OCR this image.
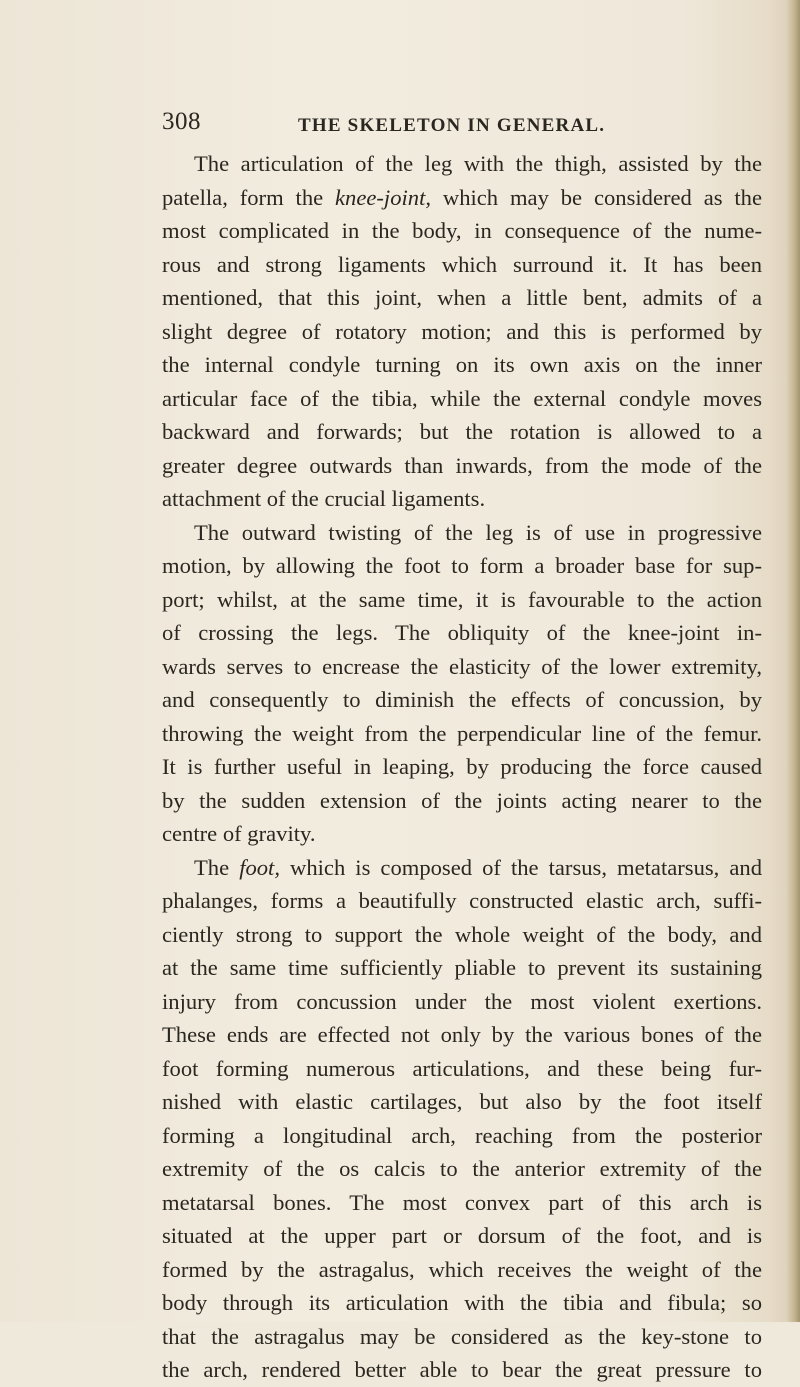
308	THE SKELETON IN GENERAL.
The articulation of the leg with the thigh, assisted by the
patella, form the knee-joint, which may be considered as the
most complicated in the body, in consequence of the nume-
rous and strong ligaments which surround it. It has been
mentioned, that this joint, when a little bent, admits of a
slight degree of rotatory motion; and this is performed by
the internal condyle turning on its own axis on the inner
articular face of the tibia, while the external condyle moves
backward and forwards; but the rotation is allowed to a
greater degree outwards than inwards, from the mode of the
attachment of the crucial ligaments.
The outward twisting of the leg is of use in progressive
motion, by allowing the foot to form a broader base for sup-
port; whilst, at the same time, it is favourable to the action
of crossing the legs. The obliquity of the knee-joint in-
wards serves to encrease the elasticity of the lower extremity,
and consequently to diminish the effects of concussion, by
throwing the weight from the perpendicular line of the femur.
It is further useful in leaping, by producing the force caused
by the sudden extension of the joints acting nearer to the
centre of gravity.
The foot, which is composed of the tarsus, metatarsus, and
phalanges, forms a beautifully constructed elastic arch, suffi-
ciently strong to support the whole weight of the body, and
at the same time sufficiently pliable to prevent its sustaining
injury from concussion under the most violent exertions.
These ends are effected not only by the various bones of the
foot forming numerous articulations, and these being fur-
nished with elastic cartilages, but also by the foot itself
forming a longitudinal arch, reaching from the posterior
extremity of the os calcis to the anterior extremity of the
metatarsal bones. The most convex part of this arch is
situated at the upper part or dorsum of the foot, and is
formed by the astragalus, which receives the weight of the
body through its articulation with the tibia and fibula; so
that the astragalus may be considered as the key-stone to
the arch, rendered better able to bear the great pressure to
